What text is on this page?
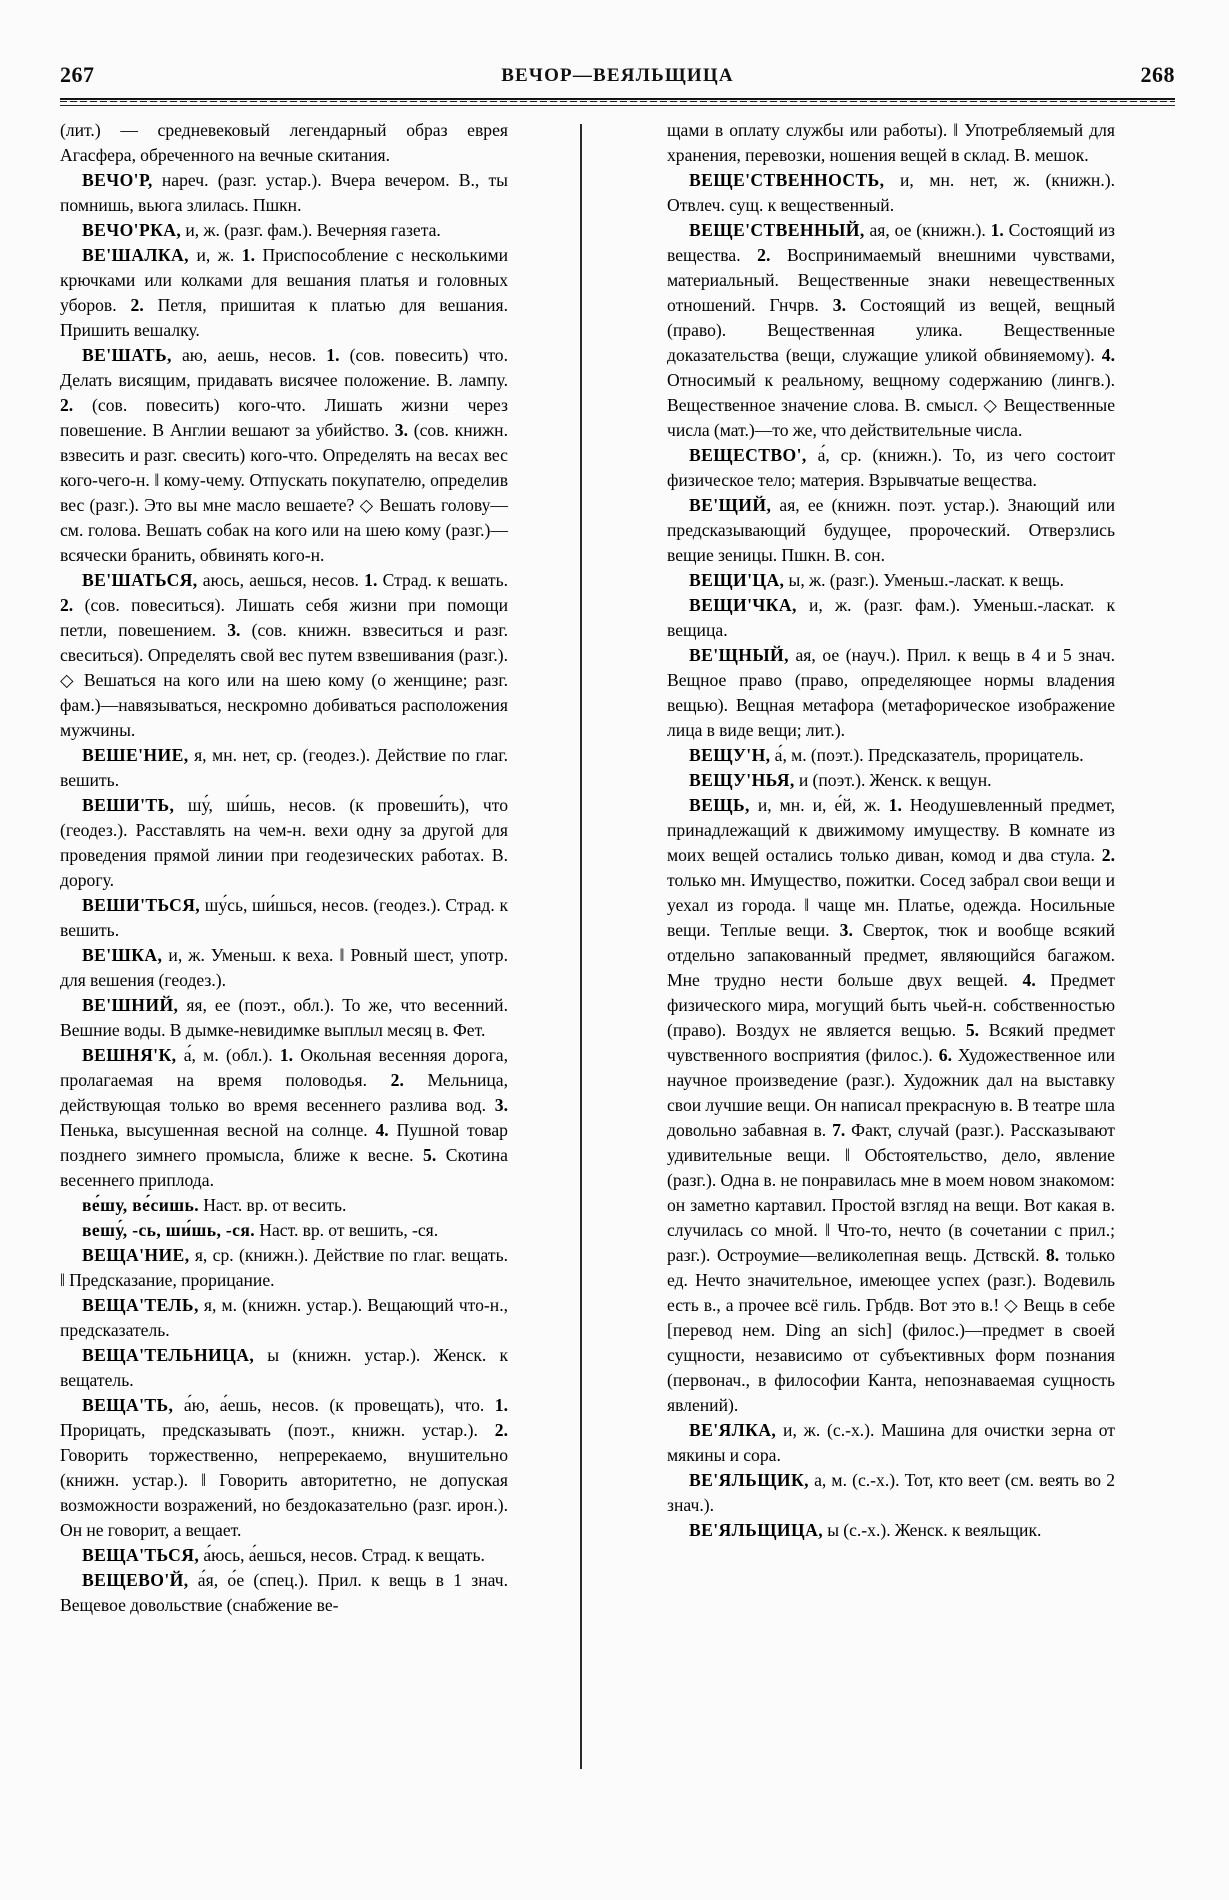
267	ВЕЧОР—ВЕЯЛЬЩИЦА	268

(лит.) — средневековый легендарный образ еврея Агасфера, обреченного на вечные скитания.

ВЕЧО'Р, нареч. (разг. устар.). Вчера вечером. В., ты помнишь, вьюга злилась. Пшкн.

ВЕЧО'РКА, и, ж. (разг. фам.). Вечерняя газета.

ВЕ'ШАЛКА, и, ж. 1. Приспособление с несколькими крючками или колками для вешания платья и головных уборов. 2. Петля, пришитая к платью для вешания. Пришить вешалку.

ВЕ'ШАТЬ, аю, аешь, несов. 1. (сов. повесить) что. Делать висящим, придавать висячее положение. В. лампу. 2. (сов. повесить) кого-что. Лишать жизни через повешение. В Англии вешают за убийство. 3. (сов. книжн. взвесить и разг. свесить) кого-что. Определять на весах вес кого-чего-н. ‖ кому-чему. Отпускать покупателю, определив вес (разг.). Это вы мне масло вешаете? ◇ Вешать голову—см. голова. Вешать собак на кого или на шею кому (разг.)—всячески бранить, обвинять кого-н.

ВЕ'ШАТЬСЯ, аюсь, аешься, несов. 1. Страд. к вешать. 2. (сов. повеситься). Лишать себя жизни при помощи петли, повешением. 3. (сов. книжн. взвеситься и разг. свеситься). Определять свой вес путем взвешивания (разг.). ◇ Вешаться на кого или на шею кому (о женщине; разг. фам.)—навязываться, нескромно добиваться расположения мужчины.

ВЕШЕ'НИЕ, я, мн. нет, ср. (геодез.). Действие по глаг. вешить.

ВЕШИ'ТЬ, шу́, ши́шь, несов. (к провеши́ть), что (геодез.). Расставлять на чем-н. вехи одну за другой для проведения прямой линии при геодезических работах. В. дорогу.

ВЕШИ'ТЬСЯ, шу́сь, ши́шься, несов. (геодез.). Страд. к вешить.

ВЕ'ШКА, и, ж. Уменьш. к веха. ‖ Ровный шест, употр. для вешения (геодез.).

ВЕ'ШНИЙ, яя, ее (поэт., обл.). То же, что весенний. Вешние воды. В дымке-невидимке выплыл месяц в. Фет.

ВЕШНЯ'К, а́, м. (обл.). 1. Окольная весенняя дорога, пролагаемая на время половодья. 2. Мельница, действующая только во время весеннего разлива вод. 3. Пенька, высушенная весной на солнце. 4. Пушной товар позднего зимнего промысла, ближе к весне. 5. Скотина весеннего приплода.

ве́шу, ве́сишь. Наст. вр. от весить.

вешу́, -сь, ши́шь, -ся. Наст. вр. от вешить, -ся.

ВЕЩА'НИЕ, я, ср. (книжн.). Действие по глаг. вещать. ‖ Предсказание, прорицание.

ВЕЩА'ТЕЛЬ, я, м. (книжн. устар.). Вещающий что-н., предсказатель.

ВЕЩА'ТЕЛЬНИЦА, ы (книжн. устар.). Женск. к вещатель.

ВЕЩА'ТЬ, а́ю, а́ешь, несов. (к провещать), что. 1. Прорицать, предсказывать (поэт., книжн. устар.). 2. Говорить торжественно, непререкаемо, внушительно (книжн. устар.). ‖ Говорить авторитетно, не допуская возможности возражений, но бездоказательно (разг. ирон.). Он не говорит, а вещает.

ВЕЩА'ТЬСЯ, а́юсь, а́ешься, несов. Страд. к вещать.

ВЕЩЕВО'Й, а́я, о́е (спец.). Прил. к вещь в 1 знач. Вещевое довольствие (снабжение ве-

щами в оплату службы или работы). ‖ Употребляемый для хранения, перевозки, ношения вещей в склад. В. мешок.

ВЕЩЕ'СТВЕННОСТЬ, и, мн. нет, ж. (книжн.). Отвлеч. сущ. к вещественный.

ВЕЩЕ'СТВЕННЫЙ, ая, ое (книжн.). 1. Состоящий из вещества. 2. Воспринимаемый внешними чувствами, материальный. Вещественные знаки невещественных отношений. Гнчрв. 3. Состоящий из вещей, вещный (право). Вещественная улика. Вещественные доказательства (вещи, служащие уликой обвиняемому). 4. Относимый к реальному, вещному содержанию (лингв.). Вещественное значение слова. В. смысл. ◇ Вещественные числа (мат.)—то же, что действительные числа.

ВЕЩЕСТВО', а́, ср. (книжн.). То, из чего состоит физическое тело; материя. Взрывчатые вещества.

ВЕ'ЩИЙ, ая, ее (книжн. поэт. устар.). Знающий или предсказывающий будущее, пророческий. Отверзлись вещие зеницы. Пшкн. В. сон.

ВЕЩИ'ЦА, ы, ж. (разг.). Уменьш.-ласкат. к вещь.

ВЕЩИ'ЧКА, и, ж. (разг. фам.). Уменьш.-ласкат. к вещица.

ВЕ'ЩНЫЙ, ая, ое (науч.). Прил. к вещь в 4 и 5 знач. Вещное право (право, определяющее нормы владения вещью). Вещная метафора (метафорическое изображение лица в виде вещи; лит.).

ВЕЩУ'Н, а́, м. (поэт.). Предсказатель, прорицатель.

ВЕЩУ'НЬЯ, и (поэт.). Женск. к вещун.

ВЕЩЬ, и, мн. и, е́й, ж. 1. Неодушевленный предмет, принадлежащий к движимому имуществу. В комнате из моих вещей остались только диван, комод и два стула. 2. только мн. Имущество, пожитки. Сосед забрал свои вещи и уехал из города. ‖ чаще мн. Платье, одежда. Носильные вещи. Теплые вещи. 3. Сверток, тюк и вообще всякий отдельно запакованный предмет, являющийся багажом. Мне трудно нести больше двух вещей. 4. Предмет физического мира, могущий быть чьей-н. собственностью (право). Воздух не является вещью. 5. Всякий предмет чувственного восприятия (филос.). 6. Художественное или научное произведение (разг.). Художник дал на выставку свои лучшие вещи. Он написал прекрасную в. В театре шла довольно забавная в. 7. Факт, случай (разг.). Рассказывают удивительные вещи. ‖ Обстоятельство, дело, явление (разг.). Одна в. не понравилась мне в моем новом знакомом: он заметно картавил. Простой взгляд на вещи. Вот какая в. случилась со мной. ‖ Что-то, нечто (в сочетании с прил.; разг.). Остроумие—великолепная вещь. Дствскй. 8. только ед. Нечто значительное, имеющее успех (разг.). Водевиль есть в., а прочее всё гиль. Грбдв. Вот это в.! ◇ Вещь в себе [перевод нем. Ding an sich] (филос.)—предмет в своей сущности, независимо от субъективных форм познания (первонач., в философии Канта, непознаваемая сущность явлений).

ВЕ'ЯЛКА, и, ж. (с.-х.). Машина для очистки зерна от мякины и сора.

ВЕ'ЯЛЬЩИК, а, м. (с.-х.). Тот, кто веет (см. веять во 2 знач.).

ВЕ'ЯЛЬЩИЦА, ы (с.-х.). Женск. к веяльщик.
